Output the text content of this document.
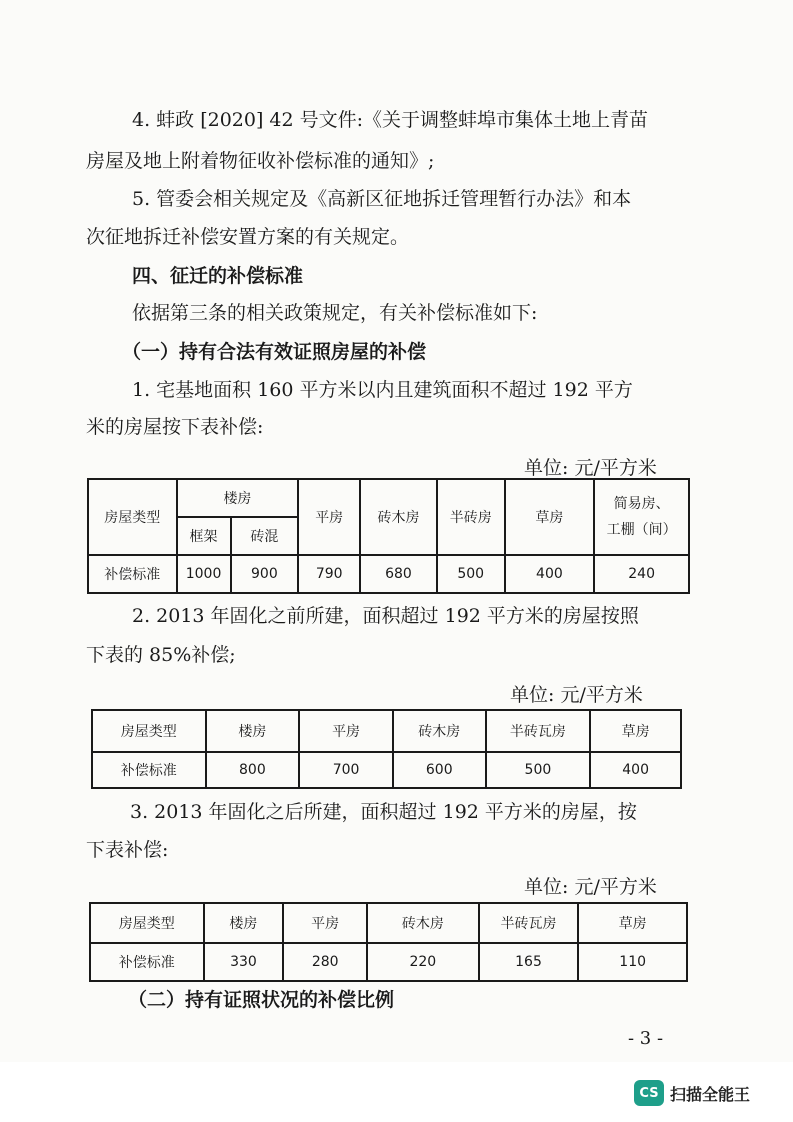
4. 蚌政 [2020] 42 号文件:《关于调整蚌埠市集体土地上青苗
房屋及地上附着物征收补偿标准的通知》;
5. 管委会相关规定及《高新区征地拆迁管理暂行办法》和本
次征地拆迁补偿安置方案的有关规定。
四、征迁的补偿标准
依据第三条的相关政策规定，有关补偿标准如下:
（一）持有合法有效证照房屋的补偿
1. 宅基地面积 160 平方米以内且建筑面积不超过 192 平方
米的房屋按下表补偿:
单位: 元/平方米
房屋类型	楼房		平房	砖木房	半砖房	草房	简易房、
工棚（间）

	框架	砖混					
补偿标准	1000	900	790	680	500	400	240
2. 2013 年固化之前所建，面积超过 192 平方米的房屋按照
下表的 85%补偿;
单位: 元/平方米
房屋类型	楼房	平房	砖木房	半砖瓦房	草房
补偿标准	800	700	600	500	400
3. 2013 年固化之后所建，面积超过 192 平方米的房屋，按
下表补偿:
单位: 元/平方米
房屋类型	楼房	平房	砖木房	半砖瓦房	草房
补偿标准	330	280	220	165	110
（二）持有证照状况的补偿比例
- 3 -
CS 扫描全能王
